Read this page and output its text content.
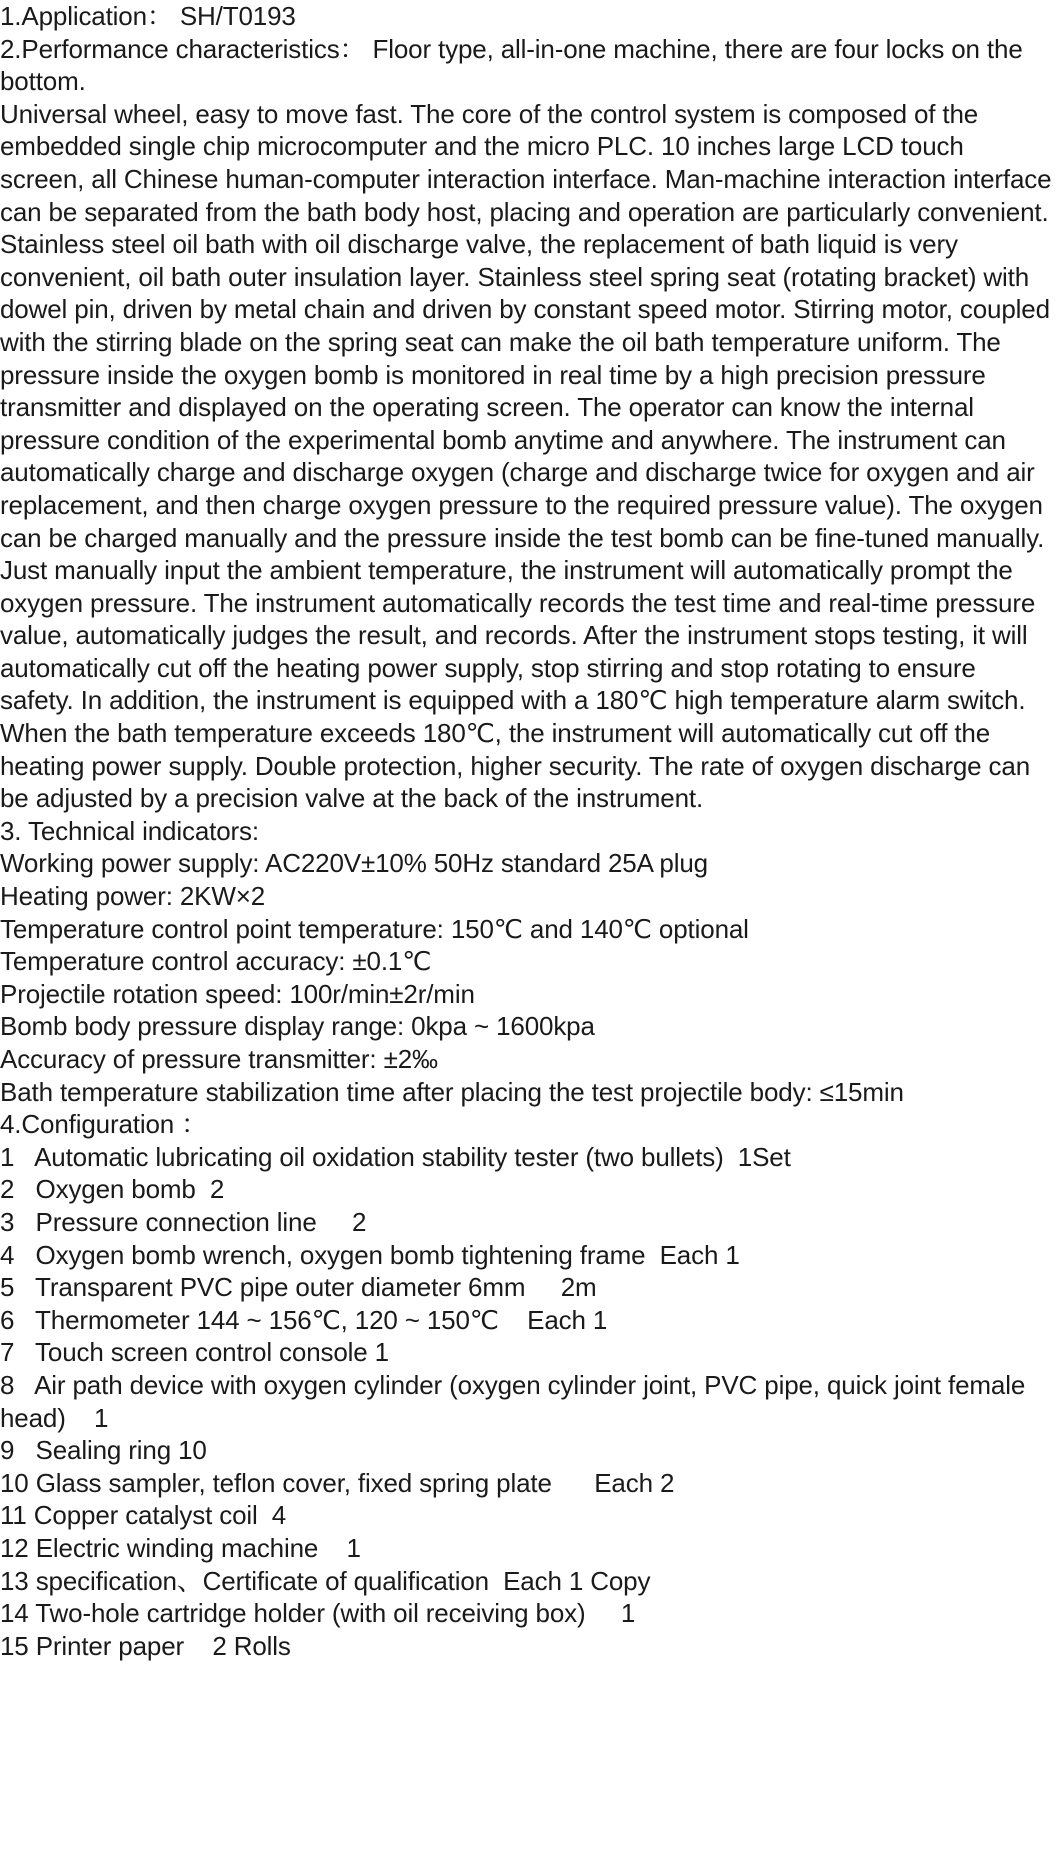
1.Application： SH/T0193
2.Performance characteristics： Floor type, all-in-one machine, there are four locks on the bottom.
Universal wheel, easy to move fast. The core of the control system is composed of the embedded single chip microcomputer and the micro PLC. 10 inches large LCD touch screen, all Chinese human-computer interaction interface. Man-machine interaction interface can be separated from the bath body host, placing and operation are particularly convenient. Stainless steel oil bath with oil discharge valve, the replacement of bath liquid is very convenient, oil bath outer insulation layer. Stainless steel spring seat (rotating bracket) with dowel pin, driven by metal chain and driven by constant speed motor. Stirring motor, coupled with the stirring blade on the spring seat can make the oil bath temperature uniform. The pressure inside the oxygen bomb is monitored in real time by a high precision pressure transmitter and displayed on the operating screen. The operator can know the internal pressure condition of the experimental bomb anytime and anywhere. The instrument can automatically charge and discharge oxygen (charge and discharge twice for oxygen and air replacement, and then charge oxygen pressure to the required pressure value). The oxygen can be charged manually and the pressure inside the test bomb can be fine-tuned manually. Just manually input the ambient temperature, the instrument will automatically prompt the oxygen pressure. The instrument automatically records the test time and real-time pressure value, automatically judges the result, and records. After the instrument stops testing, it will automatically cut off the heating power supply, stop stirring and stop rotating to ensure safety. In addition, the instrument is equipped with a 180℃ high temperature alarm switch. When the bath temperature exceeds 180℃, the instrument will automatically cut off the heating power supply. Double protection, higher security. The rate of oxygen discharge can be adjusted by a precision valve at the back of the instrument.
3. Technical indicators:
Working power supply: AC220V±10% 50Hz standard 25A plug
Heating power: 2KW×2
Temperature control point temperature: 150℃ and 140℃ optional
Temperature control accuracy: ±0.1℃
Projectile rotation speed: 100r/min±2r/min
Bomb body pressure display range: 0kpa ~ 1600kpa
Accuracy of pressure transmitter: ±2‰
Bath temperature stabilization time after placing the test projectile body: ≤15min
4.Configuration ：
1   Automatic lubricating oil oxidation stability tester (two bullets)  1Set
2   Oxygen bomb  2
3   Pressure connection line     2
4   Oxygen bomb wrench, oxygen bomb tightening frame  Each 1
5   Transparent PVC pipe outer diameter 6mm     2m
6   Thermometer 144 ~ 156℃, 120 ~ 150℃    Each 1
7   Touch screen control console 1
8   Air path device with oxygen cylinder (oxygen cylinder joint, PVC pipe, quick joint female head)    1
9   Sealing ring 10
10 Glass sampler, teflon cover, fixed spring plate      Each 2
11 Copper catalyst coil  4
12 Electric winding machine    1
13 specification、Certificate of qualification  Each 1 Copy
14 Two-hole cartridge holder (with oil receiving box)     1
15 Printer paper    2 Rolls
